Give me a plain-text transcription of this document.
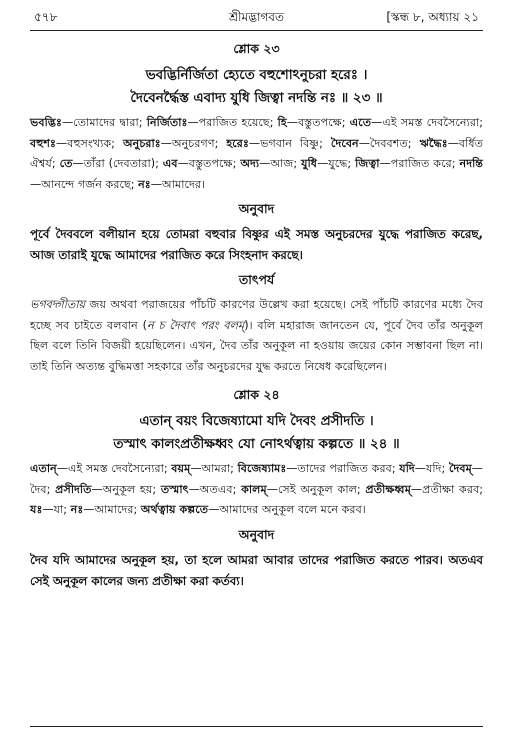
৫৭৮	শ্রীমদ্ভাগবত	[স্কন্ধ ৮, অধ্যায় ২১
শ্লোক ২৩

ভবদ্ভির্নির্জিতা হ্যেতে বহুশোঽনুচরা হরেঃ ।

দৈবেনর্দ্ধৈস্ত এবাদ্য যুধি জিত্বা নদন্তি নঃ ॥ ২৩ ॥

ভবদ্ভিঃ—তোমাদের দ্বারা; নির্জিতাঃ—পরাজিত হয়েছে; হি—বস্তুতপক্ষে; এতে—এই সমস্ত দেবসৈন্যেরা; বহুশঃ—বহুসংখ্যক; অনুচরাঃ—অনুচরগণ; হরেঃ—ভগবান বিষ্ণু; দৈবেন—দৈববশত; ঋদ্ধৈঃ—বর্ধিত ঐশ্বর্য; তে—তাঁরা (দেবতারা); এব—বস্তুতপক্ষে; অদ্য—আজ; যুধি—যুদ্ধে; জিত্বা—পরাজিত করে; নদন্তি—আনন্দে গর্জন করছে; নঃ—আমাদের।

অনুবাদ

পূর্বে দৈববলে বলীয়ান হয়ে তোমরা বহুবার বিষ্ণুর এই সমস্ত অনুচরদের যুদ্ধে পরাজিত করেছ, আজ তারাই যুদ্ধে আমাদের পরাজিত করে সিংহনাদ করছে।

তাৎপর্য

ভগবদ্গীতায় জয় অথবা পরাজয়ের পাঁচটি কারণের উল্লেখ করা হয়েছে। সেই পাঁচটি কারণের মধ্যে দৈব হচ্ছে সব চাইতে বলবান (ন চ দৈবাৎ পরং বলম্)। বলি মহারাজ জানতেন যে, পূর্বে দৈব তাঁর অনুকূল ছিল বলে তিনি বিজয়ী হয়েছিলেন। এখন, দৈব তাঁর অনুকূল না হওয়ায় জয়ের কোন সম্ভাবনা ছিল না। তাই তিনি অত্যন্ত বুদ্ধিমত্তা সহকারে তাঁর অনুচরদের যুদ্ধ করতে নিষেধ করেছিলেন।

শ্লোক ২৪

এতান্ বয়ং বিজেষ্যামো যদি দৈবং প্রসীদতি ।

তস্মাৎ কালংপ্রতীক্ষধ্বং যো নোঽর্থত্বায় কল্পতে ॥ ২৪ ॥

এতান্—এই সমস্ত দেবসৈন্যেরা; বয়ম্—আমরা; বিজেষ্যামঃ—তাদের পরাজিত করব; যদি—যদি; দৈবম্—দৈব; প্রসীদতি—অনুকূল হয়; তস্মাৎ—অতএব; কালম্—সেই অনুকূল কাল; প্রতীক্ষধ্বম্—প্রতীক্ষা করব; যঃ—যা; নঃ—আমাদের; অর্থত্বায় কল্পতে—আমাদের অনুকূল বলে মনে করব।

অনুবাদ

দৈব যদি আমাদের অনুকূল হয়, তা হলে আমরা আবার তাদের পরাজিত করতে পারব। অতএব সেই অনুকূল কালের জন্য প্রতীক্ষা করা কর্তব্য।
